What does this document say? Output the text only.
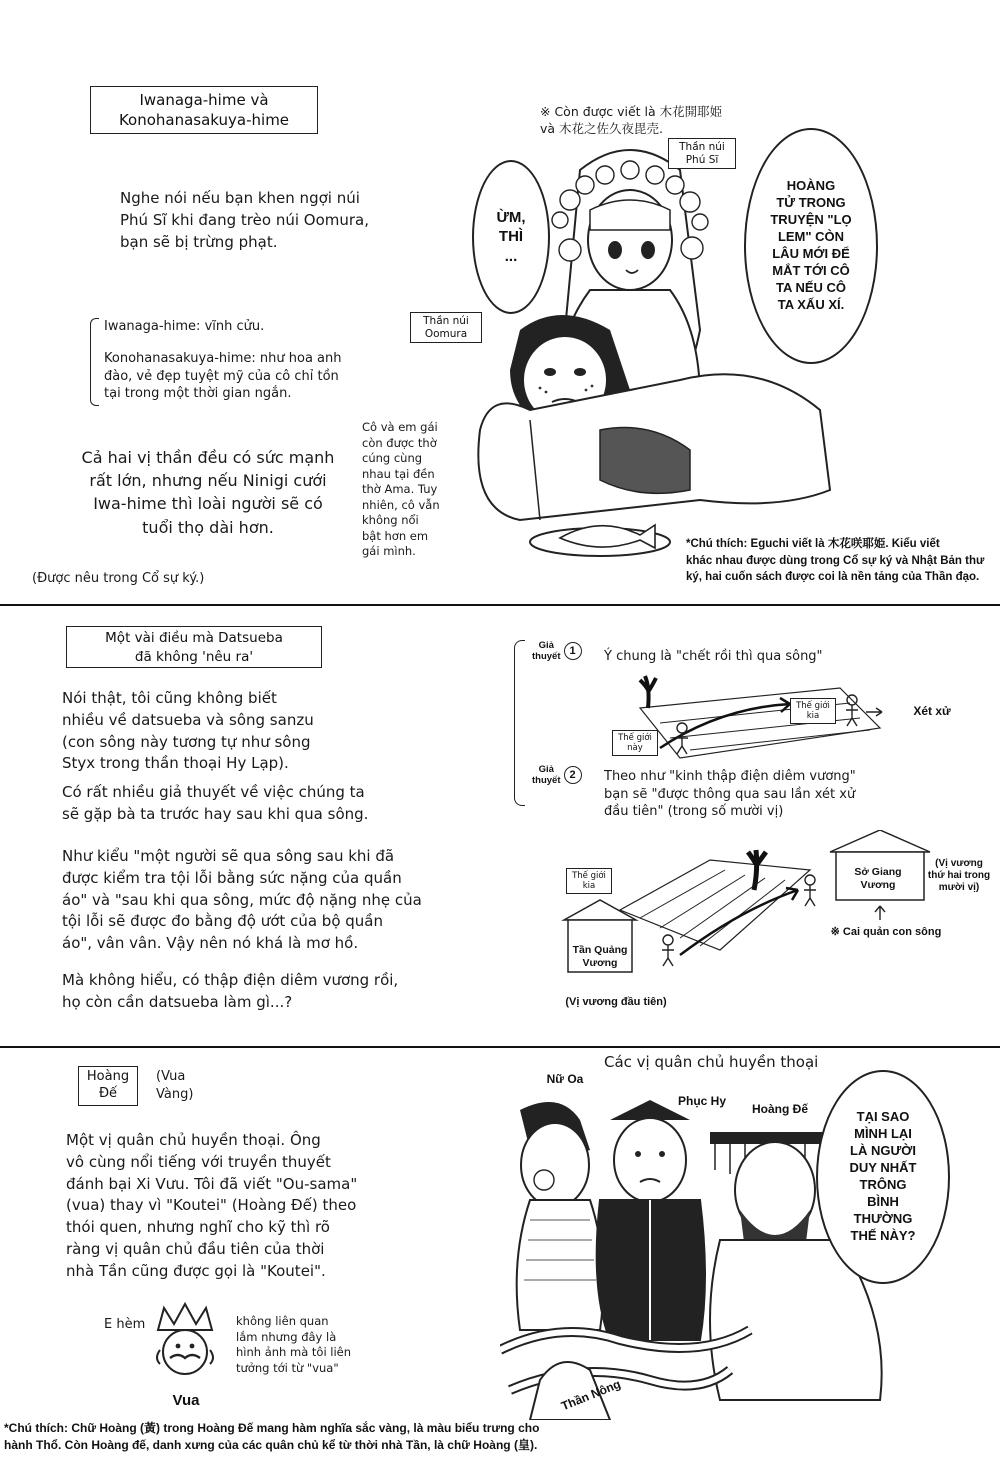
Iwanaga-hime và
Konohanasakuya-hime
Nghe nói nếu bạn khen ngợi núi
Phú Sĩ khi đang trèo núi Oomura,
bạn sẽ bị trừng phạt.
Iwanaga-hime: vĩnh cửu.
Konohanasakuya-hime: như hoa anh
đào, vẻ đẹp tuyệt mỹ của cô chỉ tồn
tại trong một thời gian ngắn.
Cả hai vị thần đều có sức mạnh
rất lớn, nhưng nếu Ninigi cưới
Iwa-hime thì loài người sẽ có
tuổi thọ dài hơn.
(Được nêu trong Cổ sự ký.)
※ Còn được viết là 木花開耶姫
và 木花之佐久夜毘売.
Thần núi
Phú Sĩ
Thần núi
Oomura
ỪM,
THÌ
...
HOÀNG
TỬ TRONG
TRUYỆN "LỌ
LEM" CÒN
LÂU MỚI ĐỂ
MẮT TỚI CÔ
TA NẾU CÔ
TA XẤU XÍ.
Cô và em gái
còn được thờ
cúng cùng
nhau tại đền
thờ Ama. Tuy
nhiên, cô vẫn
không nổi
bật hơn em
gái mình.
*Chú thích: Eguchi viết là 木花咲耶姫. Kiểu viết
khác nhau được dùng trong Cổ sự ký và Nhật Bản thư
ký, hai cuốn sách được coi là nền tảng của Thần đạo.
Một vài điều mà Datsueba
đã không 'nêu ra'
Nói thật, tôi cũng không biết
nhiều về datsueba và sông sanzu
(con sông này tương tự như sông
Styx trong thần thoại Hy Lạp).
Có rất nhiều giả thuyết về việc chúng ta
sẽ gặp bà ta trước hay sau khi qua sông.
Như kiểu "một người sẽ qua sông sau khi đã
được kiểm tra tội lỗi bằng sức nặng của quần
áo" và "sau khi qua sông, mức độ nặng nhẹ của
tội lỗi sẽ được đo bằng độ ướt của bộ quần
áo", vân vân. Vậy nên nó khá là mơ hồ.
Mà không hiểu, có thập điện diêm vương rồi,
họ còn cần datsueba làm gì...?
Giả
thuyết
1	Ý chung là "chết rồi thì qua sông"
Giả
thuyết
2	Theo như "kinh thập điện diêm vương"
bạn sẽ "được thông qua sau lần xét xử
đầu tiên" (trong số mười vị)
Thế giới
này
Thế giới
kia	Xét xử
Thế giới
kia
Tần Quảng
Vương
(Vị vương đầu tiên)
Sở Giang
Vương
(Vị vương
thứ hai trong
mười vị)
※ Cai quản con sông
Hoàng
Đế
(Vua
Vàng)
Một vị quân chủ huyền thoại. Ông
vô cùng nổi tiếng với truyền thuyết
đánh bại Xi Vưu. Tôi đã viết "Ou-sama"
(vua) thay vì "Koutei" (Hoàng Đế) theo
thói quen, nhưng nghĩ cho kỹ thì rõ
ràng vị quân chủ đầu tiên của thời
nhà Tần cũng được gọi là "Koutei".
E hèm
Vua
không liên quan
lắm nhưng đây là
hình ảnh mà tôi liên
tưởng tới từ "vua"
Các vị quân chủ huyền thoại
Nữ Oa
Phục Hy
Hoàng Đế
Thần Nông
TẠI SAO
MÌNH LẠI
LÀ NGƯỜI
DUY NHẤT
TRÔNG
BÌNH
THƯỜNG
THẾ NÀY?
*Chú thích: Chữ Hoàng (黃) trong Hoàng Đế mang hàm nghĩa sắc vàng, là màu biểu trưng cho
hành Thổ. Còn Hoàng đế, danh xưng của các quân chủ kể từ thời nhà Tần, là chữ Hoàng (皇).
